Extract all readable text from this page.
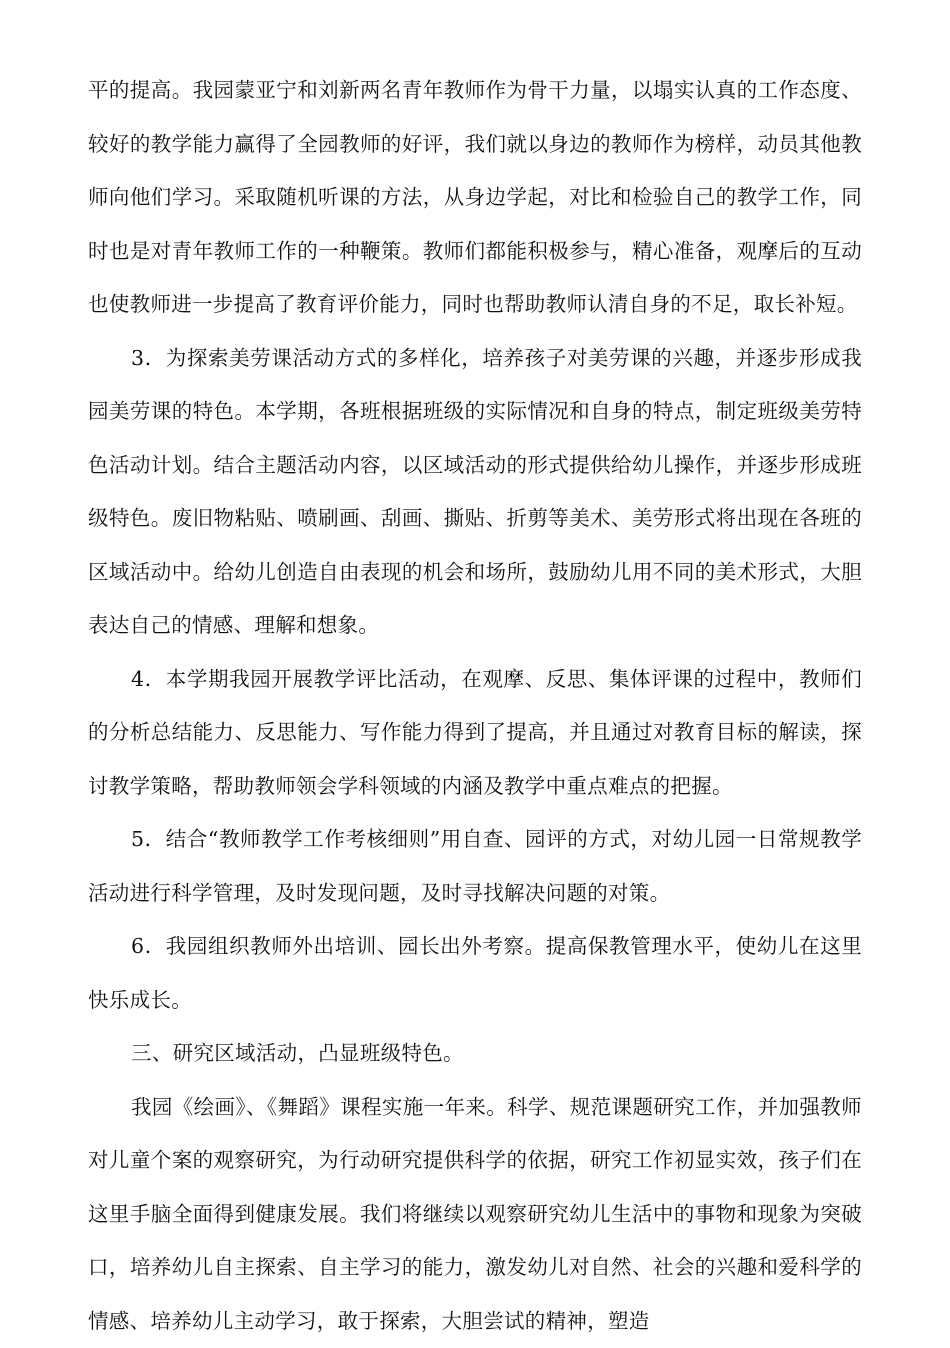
平的提高。我园蒙亚宁和刘新两名青年教师作为骨干力量，以塌实认真的工作态度、较好的教学能力赢得了全园教师的好评，我们就以身边的教师作为榜样，动员其他教师向他们学习。采取随机听课的方法，从身边学起，对比和检验自己的教学工作，同时也是对青年教师工作的一种鞭策。教师们都能积极参与，精心准备，观摩后的互动也使教师进一步提高了教育评价能力，同时也帮助教师认清自身的不足，取长补短。

3．为探索美劳课活动方式的多样化，培养孩子对美劳课的兴趣，并逐步形成我园美劳课的特色。本学期，各班根据班级的实际情况和自身的特点，制定班级美劳特色活动计划。结合主题活动内容，以区域活动的形式提供给幼儿操作，并逐步形成班级特色。废旧物粘贴、喷刷画、刮画、撕贴、折剪等美术、美劳形式将出现在各班的区域活动中。给幼儿创造自由表现的机会和场所，鼓励幼儿用不同的美术形式，大胆表达自己的情感、理解和想象。

4．本学期我园开展教学评比活动，在观摩、反思、集体评课的过程中，教师们的分析总结能力、反思能力、写作能力得到了提高，并且通过对教育目标的解读，探讨教学策略，帮助教师领会学科领域的内涵及教学中重点难点的把握。

5．结合“教师教学工作考核细则”用自查、园评的方式，对幼儿园一日常规教学活动进行科学管理，及时发现问题，及时寻找解决问题的对策。

6．我园组织教师外出培训、园长出外考察。提高保教管理水平，使幼儿在这里快乐成长。

三、研究区域活动，凸显班级特色。

我园《绘画》、《舞蹈》课程实施一年来。科学、规范课题研究工作，并加强教师对儿童个案的观察研究，为行动研究提供科学的依据，研究工作初显实效，孩子们在这里手脑全面得到健康发展。我们将继续以观察研究幼儿生活中的事物和现象为突破口，培养幼儿自主探索、自主学习的能力，激发幼儿对自然、社会的兴趣和爱科学的情感、培养幼儿主动学习，敢于探索，大胆尝试的精神，塑造
